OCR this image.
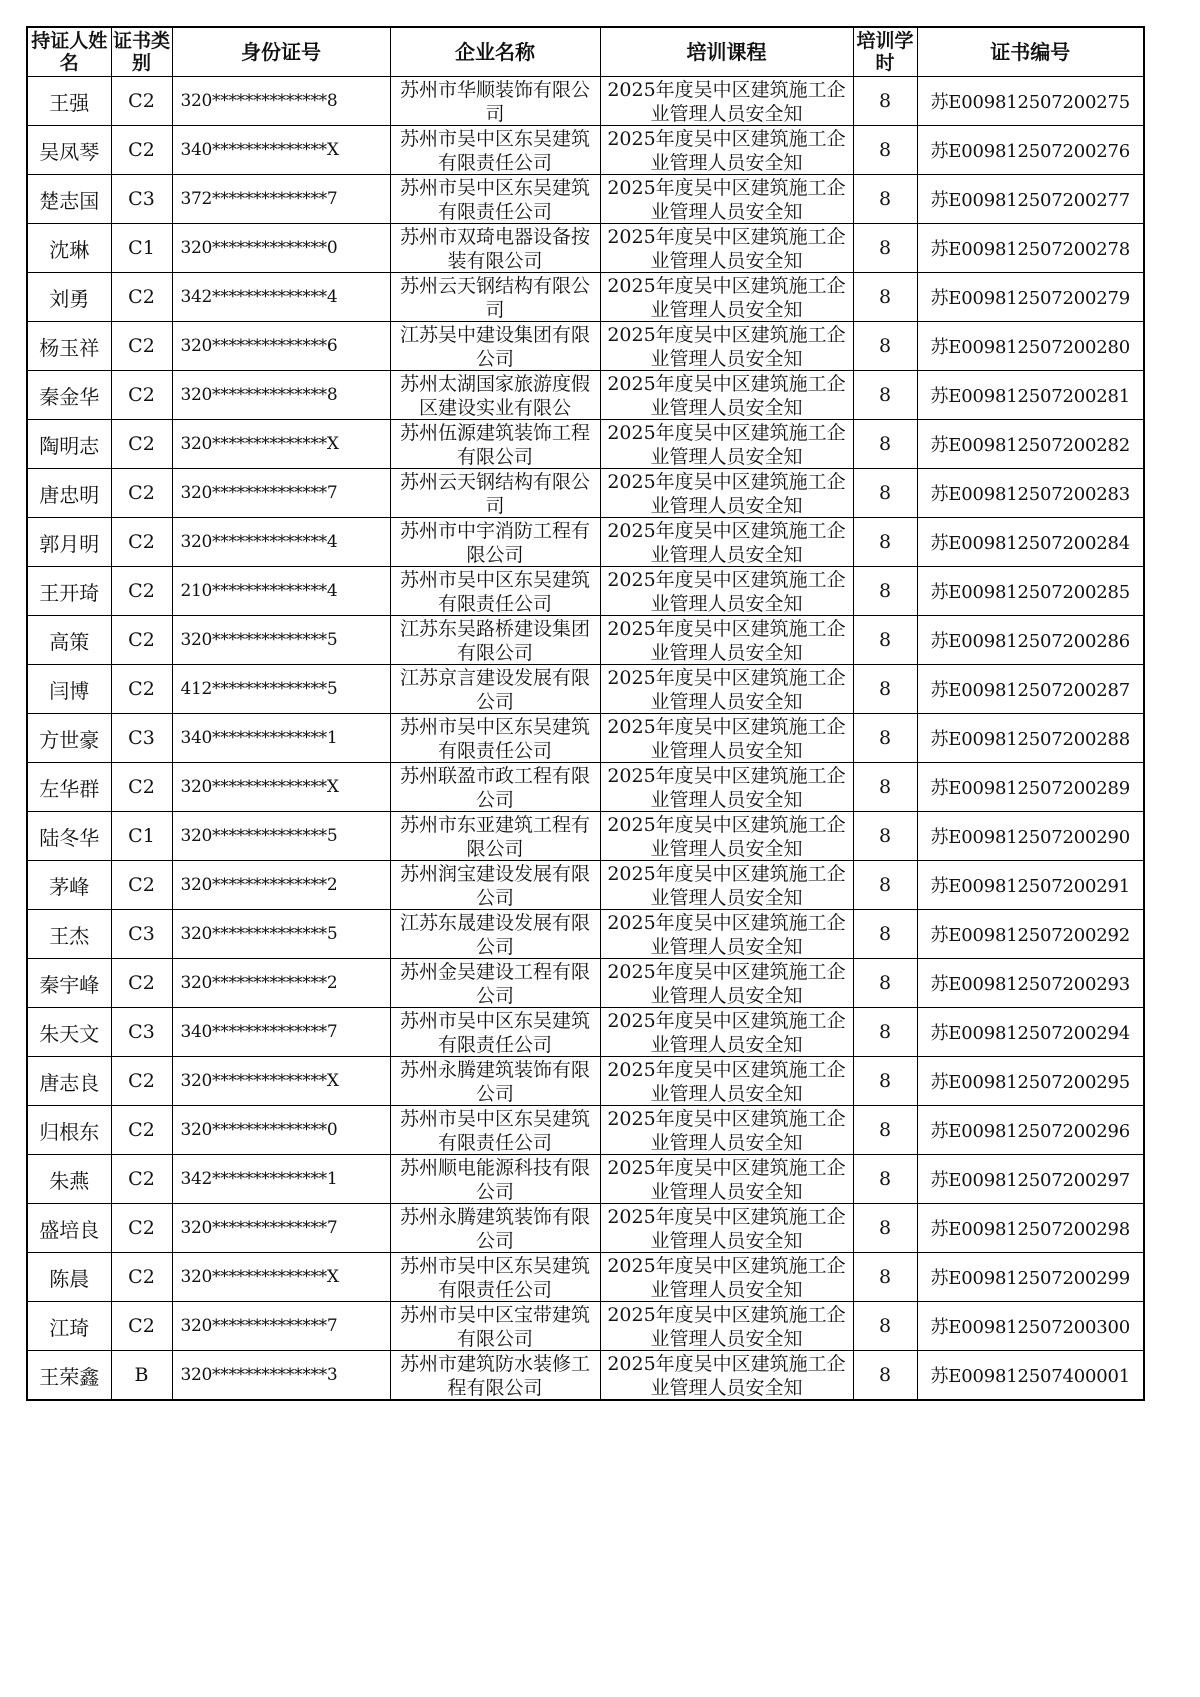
持证人姓名	证书类别	身份证号	企业名称	培训课程	培训学时	证书编号
王强	C2	320**************8	苏州市华顺装饰有限公司	2025年度吴中区建筑施工企业管理人员安全知	8	苏E009812507200275
吴凤琴	C2	340**************X	苏州市吴中区东吴建筑有限责任公司	2025年度吴中区建筑施工企业管理人员安全知	8	苏E009812507200276
楚志国	C3	372**************7	苏州市吴中区东吴建筑有限责任公司	2025年度吴中区建筑施工企业管理人员安全知	8	苏E009812507200277
沈琳	C1	320**************0	苏州市双琦电器设备按装有限公司	2025年度吴中区建筑施工企业管理人员安全知	8	苏E009812507200278
刘勇	C2	342**************4	苏州云天钢结构有限公司	2025年度吴中区建筑施工企业管理人员安全知	8	苏E009812507200279
杨玉祥	C2	320**************6	江苏吴中建设集团有限公司	2025年度吴中区建筑施工企业管理人员安全知	8	苏E009812507200280
秦金华	C2	320**************8	苏州太湖国家旅游度假区建设实业有限公	2025年度吴中区建筑施工企业管理人员安全知	8	苏E009812507200281
陶明志	C2	320**************X	苏州伍源建筑装饰工程有限公司	2025年度吴中区建筑施工企业管理人员安全知	8	苏E009812507200282
唐忠明	C2	320**************7	苏州云天钢结构有限公司	2025年度吴中区建筑施工企业管理人员安全知	8	苏E009812507200283
郭月明	C2	320**************4	苏州市中宇消防工程有限公司	2025年度吴中区建筑施工企业管理人员安全知	8	苏E009812507200284
王开琦	C2	210**************4	苏州市吴中区东吴建筑有限责任公司	2025年度吴中区建筑施工企业管理人员安全知	8	苏E009812507200285
高策	C2	320**************5	江苏东吴路桥建设集团有限公司	2025年度吴中区建筑施工企业管理人员安全知	8	苏E009812507200286
闫博	C2	412**************5	江苏京言建设发展有限公司	2025年度吴中区建筑施工企业管理人员安全知	8	苏E009812507200287
方世豪	C3	340**************1	苏州市吴中区东吴建筑有限责任公司	2025年度吴中区建筑施工企业管理人员安全知	8	苏E009812507200288
左华群	C2	320**************X	苏州联盈市政工程有限公司	2025年度吴中区建筑施工企业管理人员安全知	8	苏E009812507200289
陆冬华	C1	320**************5	苏州市东亚建筑工程有限公司	2025年度吴中区建筑施工企业管理人员安全知	8	苏E009812507200290
茅峰	C2	320**************2	苏州润宝建设发展有限公司	2025年度吴中区建筑施工企业管理人员安全知	8	苏E009812507200291
王杰	C3	320**************5	江苏东晟建设发展有限公司	2025年度吴中区建筑施工企业管理人员安全知	8	苏E009812507200292
秦宇峰	C2	320**************2	苏州金吴建设工程有限公司	2025年度吴中区建筑施工企业管理人员安全知	8	苏E009812507200293
朱天文	C3	340**************7	苏州市吴中区东吴建筑有限责任公司	2025年度吴中区建筑施工企业管理人员安全知	8	苏E009812507200294
唐志良	C2	320**************X	苏州永腾建筑装饰有限公司	2025年度吴中区建筑施工企业管理人员安全知	8	苏E009812507200295
归根东	C2	320**************0	苏州市吴中区东吴建筑有限责任公司	2025年度吴中区建筑施工企业管理人员安全知	8	苏E009812507200296
朱燕	C2	342**************1	苏州顺电能源科技有限公司	2025年度吴中区建筑施工企业管理人员安全知	8	苏E009812507200297
盛培良	C2	320**************7	苏州永腾建筑装饰有限公司	2025年度吴中区建筑施工企业管理人员安全知	8	苏E009812507200298
陈晨	C2	320**************X	苏州市吴中区东吴建筑有限责任公司	2025年度吴中区建筑施工企业管理人员安全知	8	苏E009812507200299
江琦	C2	320**************7	苏州市吴中区宝带建筑有限公司	2025年度吴中区建筑施工企业管理人员安全知	8	苏E009812507200300
王荣鑫	B	320**************3	苏州市建筑防水装修工程有限公司	2025年度吴中区建筑施工企业管理人员安全知	8	苏E009812507400001
